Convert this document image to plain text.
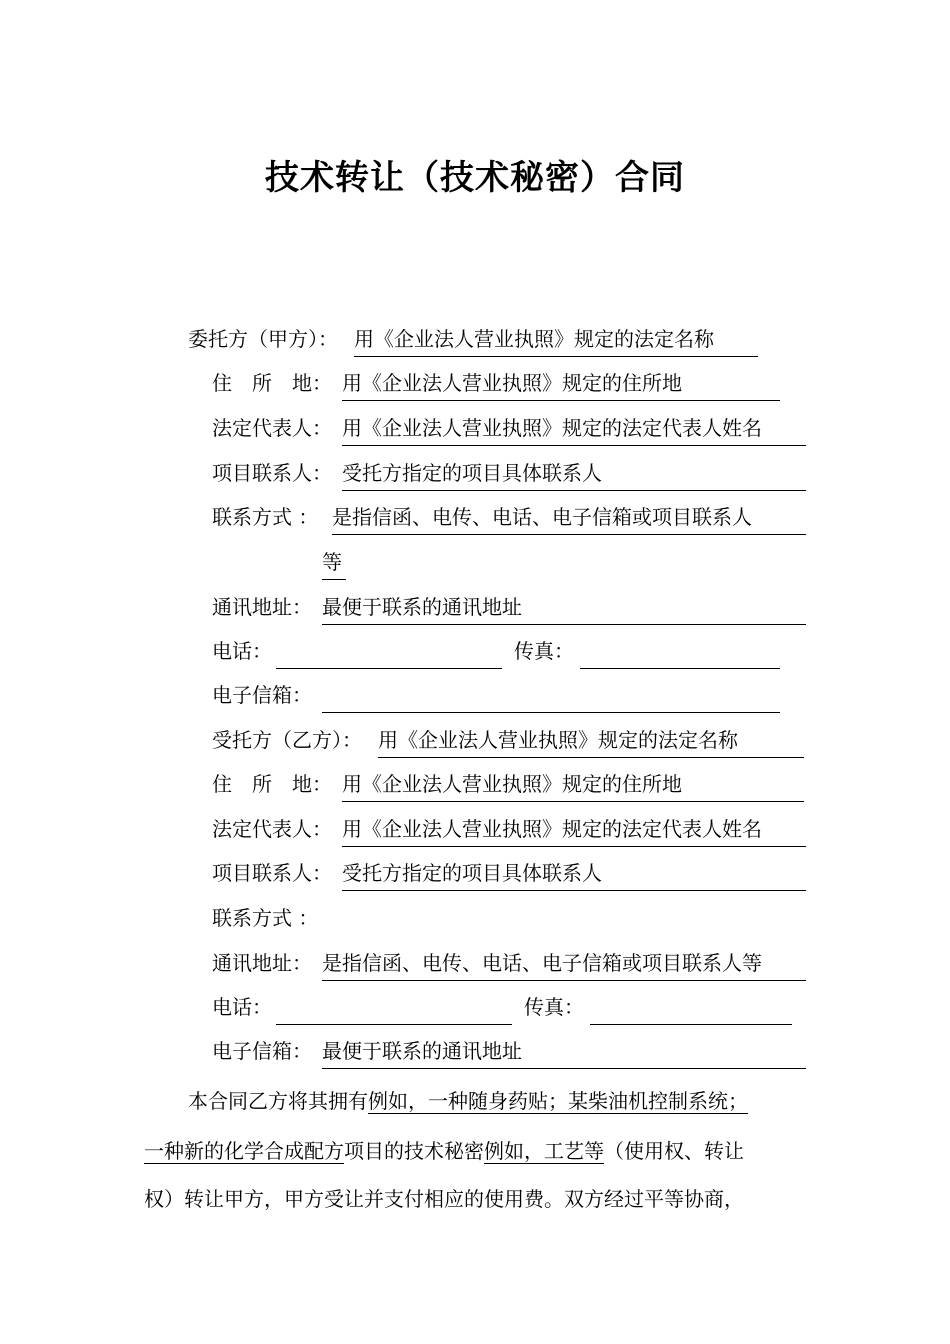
技术转让（技术秘密）合同
委托方（甲方）： 用《企业法人营业执照》规定的法定名称
住　所　地： 用《企业法人营业执照》规定的住所地
法定代表人： 用《企业法人营业执照》规定的法定代表人姓名
项目联系人： 受托方指定的项目具体联系人
联系方式 ： 是指信函、电传、电话、电子信箱或项目联系人
等
通讯地址： 最便于联系的通讯地址
电话：	传真：
电子信箱：
受托方（乙方）： 用《企业法人营业执照》规定的法定名称
住　所　地： 用《企业法人营业执照》规定的住所地
法定代表人： 用《企业法人营业执照》规定的法定代表人姓名
项目联系人： 受托方指定的项目具体联系人
联系方式 ：
通讯地址： 是指信函、电传、电话、电子信箱或项目联系人等
电话：	传真：
电子信箱： 最便于联系的通讯地址
本合同乙方将其拥有例如，一种随身药贴；某柴油机控制系统；
一种新的化学合成配方项目的技术秘密例如，工艺等（使用权、转让
权）转让甲方，甲方受让并支付相应的使用费。双方经过平等协商，
